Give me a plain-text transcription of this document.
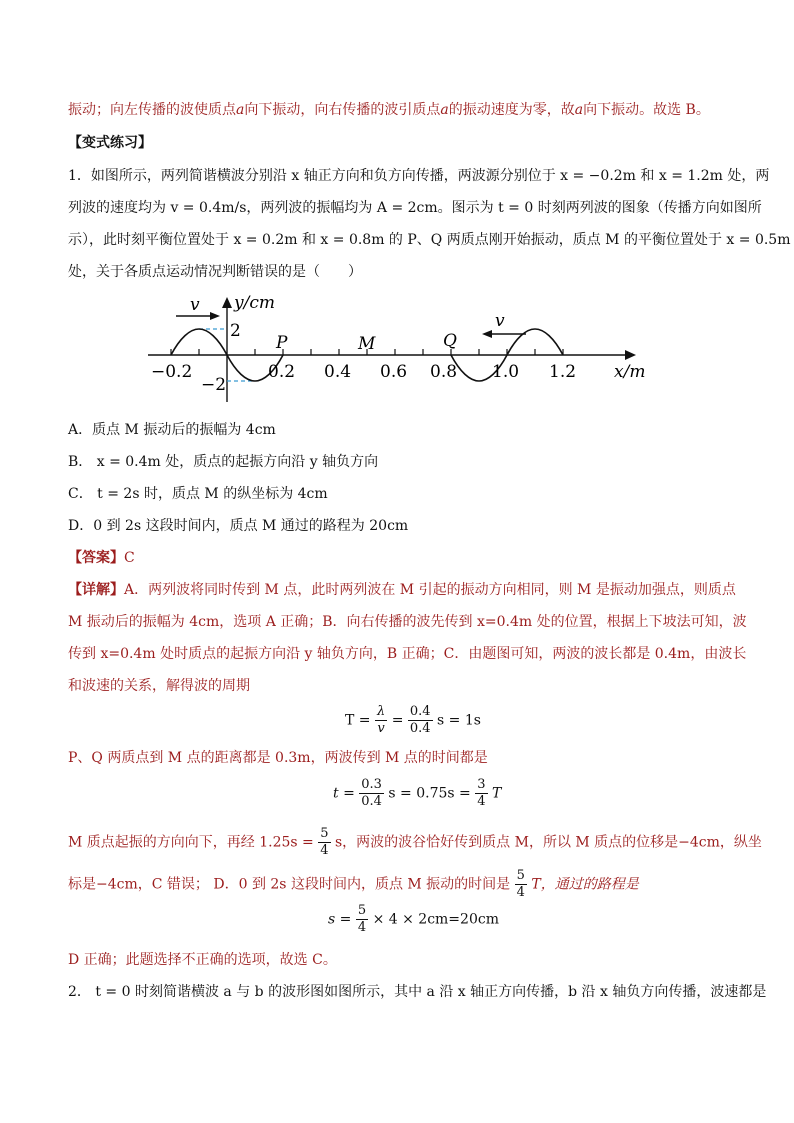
振动；向左传播的波使质点a向下振动，向右传播的波引质点a的振动速度为零，故a向下振动。故选 B。
【变式练习】
1．如图所示，两列简谐横波分别沿 x 轴正方向和负方向传播，两波源分别位于 x = −0.2m 和 x = 1.2m 处，两
列波的速度均为 v = 0.4m/s，两列波的振幅均为 A = 2cm。图示为 t = 0 时刻两列波的图象（传播方向如图所
示），此时刻平衡位置处于 x = 0.2m 和 x = 0.8m 的 P、Q 两质点刚开始振动，质点 M 的平衡位置处于 x = 0.5m
处，关于各质点运动情况判断错误的是（　　）
v
v
y/cm
2
−2
P	M	Q
−0.2	0.2 0.4 0.6 0.8 1.0 1.2 x/m
A．质点 M 振动后的振幅为 4cm
B． x = 0.4m 处，质点的起振方向沿 y 轴负方向
C． t = 2s 时，质点 M 的纵坐标为 4cm
D．0 到 2s 这段时间内，质点 M 通过的路程为 20cm
【答案】C
【详解】A．两列波将同时传到 M 点，此时两列波在 M 引起的振动方向相同，则 M 是振动加强点，则质点
M 振动后的振幅为 4cm，选项 A 正确；B．向右传播的波先传到 x=0.4m 处的位置，根据上下坡法可知，波
传到 x=0.4m 处时质点的起振方向沿 y 轴负方向，B 正确；C．由题图可知，两波的波长都是 0.4m，由波长
和波速的关系，解得波的周期
$T = \frac{\lambda}{v} = \frac{0.4}{0.4}$ s = 1s
P、Q 两质点到 M 点的距离都是 0.3m，两波传到 M 点的时间都是
$t = \frac{0.3}{0.4}$ $s = 0.75s = \frac{3}{4}$ T
M 质点起振的方向向下，再经 $1.25s = \frac{5}{4}$ s，两波的波谷恰好传到质点 M，所以 M 质点的位移是−4cm，纵坐
标是−4cm，C 错误； D．0 到 2s 这段时间内，质点 M 振动的时间是 $\frac{5}{4}$ T，通过的路程是
$s = \frac{5}{4} \times 4 \times 2cm=20cm$
D 正确；此题选择不正确的选项，故选 C。
2． t = 0 时刻简谐横波 a 与 b 的波形图如图所示，其中 a 沿 x 轴正方向传播，b 沿 x 轴负方向传播，波速都是
